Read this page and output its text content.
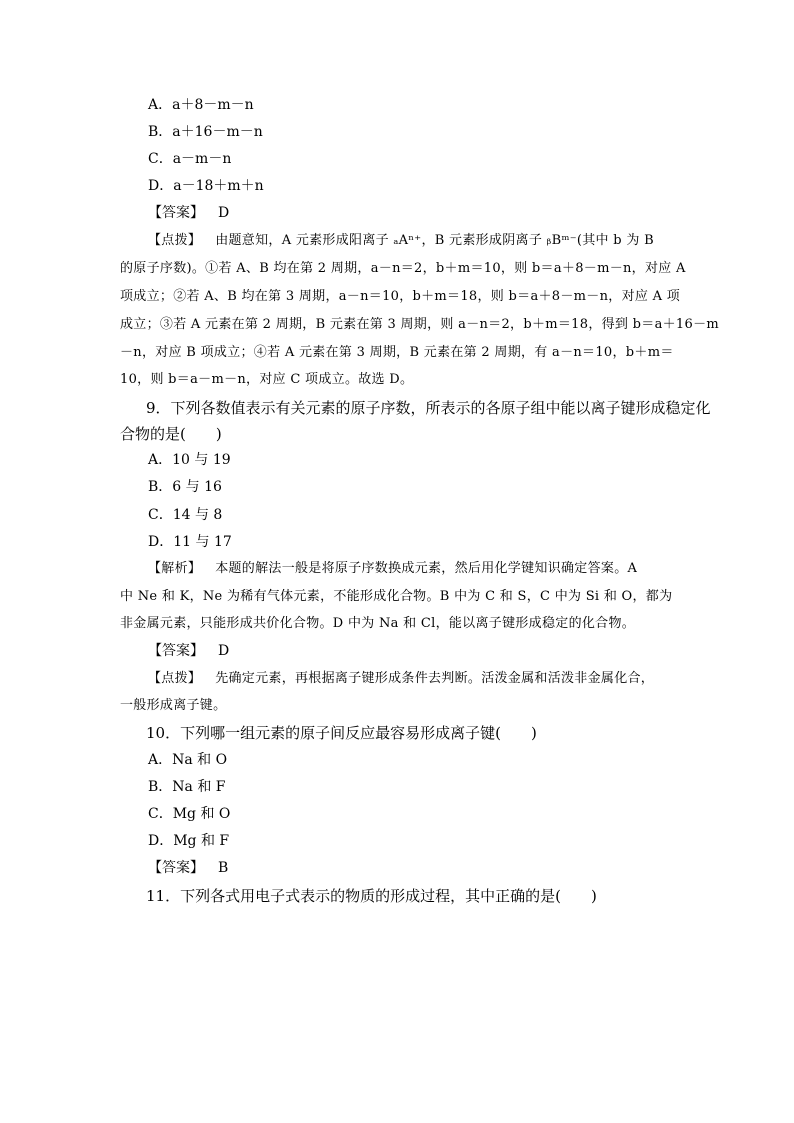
A．a＋8－m－n
B．a＋16－m－n
C．a－m－n
D．a－18＋m＋n
【答案】 D
【点拨】 由题意知，A 元素形成阳离子 ₐAⁿ⁺，B 元素形成阴离子 ᵦBᵐ⁻(其中 b 为 B
的原子序数)。①若 A、B 均在第 2 周期，a－n＝2，b＋m＝10，则 b＝a＋8－m－n，对应 A
项成立；②若 A、B 均在第 3 周期，a－n＝10，b＋m＝18，则 b＝a＋8－m－n，对应 A 项
成立；③若 A 元素在第 2 周期，B 元素在第 3 周期，则 a－n＝2，b＋m＝18，得到 b＝a＋16－m
－n，对应 B 项成立；④若 A 元素在第 3 周期，B 元素在第 2 周期，有 a－n＝10，b＋m＝
10，则 b＝a－m－n，对应 C 项成立。故选 D。
9．下列各数值表示有关元素的原子序数，所表示的各原子组中能以离子键形成稳定化
合物的是(　　)
A．10 与 19
B．6 与 16
C．14 与 8
D．11 与 17
【解析】 本题的解法一般是将原子序数换成元素，然后用化学键知识确定答案。A
中 Ne 和 K，Ne 为稀有气体元素，不能形成化合物。B 中为 C 和 S，C 中为 Si 和 O，都为
非金属元素，只能形成共价化合物。D 中为 Na 和 Cl，能以离子键形成稳定的化合物。
【答案】 D
【点拨】 先确定元素，再根据离子键形成条件去判断。活泼金属和活泼非金属化合，
一般形成离子键。
10．下列哪一组元素的原子间反应最容易形成离子键(　　)
A．Na 和 O
B．Na 和 F
C．Mg 和 O
D．Mg 和 F
【答案】 B
11．下列各式用电子式表示的物质的形成过程，其中正确的是(　　)
